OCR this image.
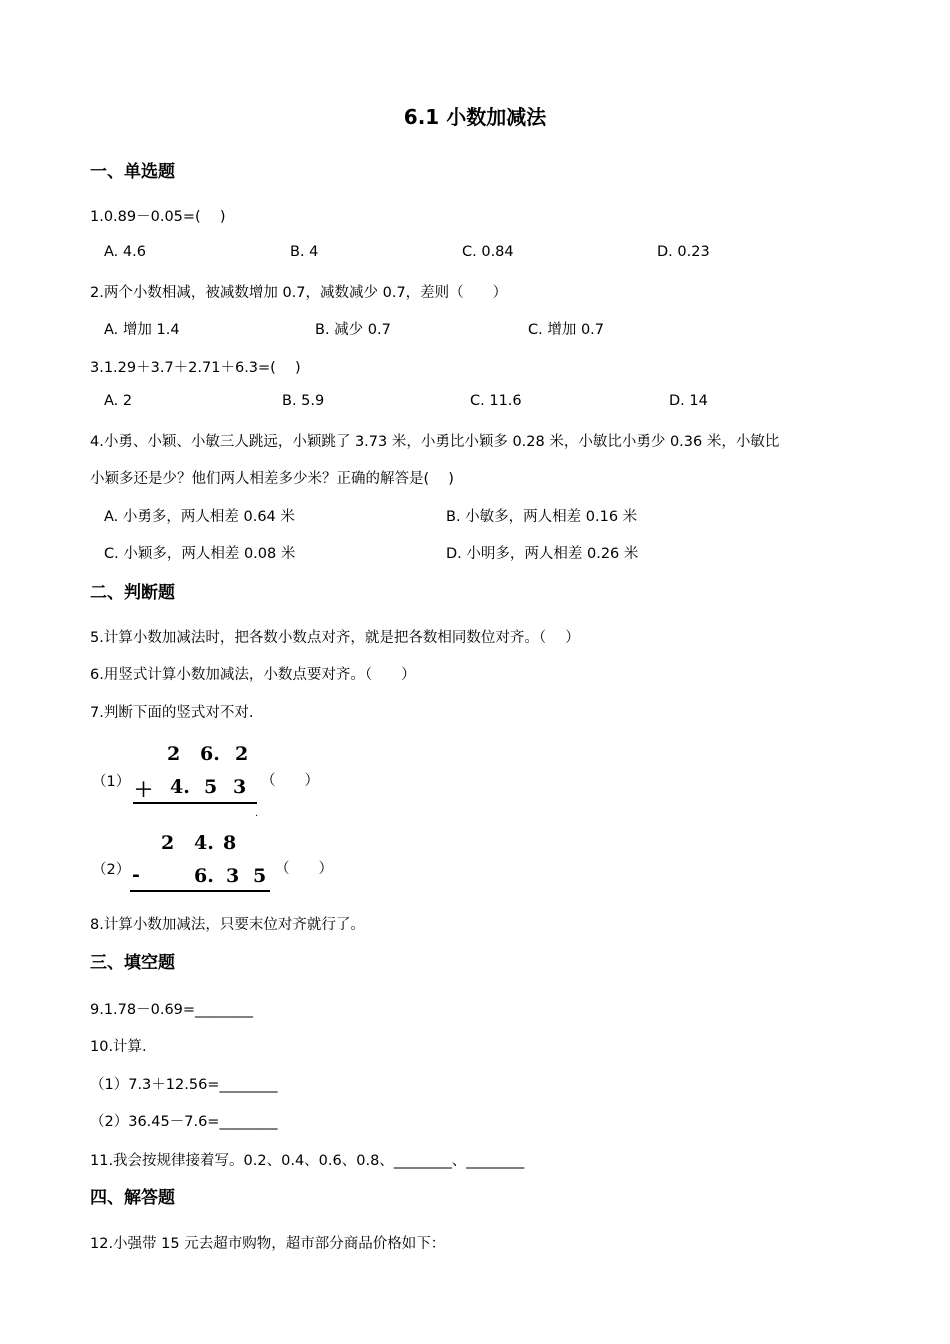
6.1 小数加减法
一、单选题
1.0.89－0.05=(　 )
A. 4.6	B. 4	C. 0.84	D. 0.23
2.两个小数相减，被减数增加 0.7，减数减少 0.7，差则（　　）
A. 增加 1.4	B. 减少 0.7	C. 增加 0.7
3.1.29＋3.7＋2.71＋6.3=(　 )
A. 2	B. 5.9	C. 11.6	D. 14
4.小勇、小颖、小敏三人跳远，小颖跳了 3.73 米，小勇比小颖多 0.28 米，小敏比小勇少 0.36 米，小敏比
小颖多还是少？他们两人相差多少米？正确的解答是(　 )
A. 小勇多，两人相差 0.64 米	B. 小敏多，两人相差 0.16 米
C. 小颖多，两人相差 0.08 米	D. 小明多，两人相差 0.26 米
二、判断题
5.计算小数加减法时，把各数小数点对齐，就是把各数相同数位对齐。（　 ）
6.用竖式计算小数加减法，小数点要对齐。（　　）
7.判断下面的竖式对不对.
（1）
2 6. 2
＋ 4. 5 3 （　　）
.
（2）
2 4. 8
-	6. 3 5 （　　）
8.计算小数加减法，只要末位对齐就行了。
三、填空题
9.1.78－0.69=________
10.计算.
（1）7.3＋12.56=________
（2）36.45－7.6=________
11.我会按规律接着写。0.2、0.4、0.6、0.8、________、________
四、解答题
12.小强带 15 元去超市购物，超市部分商品价格如下：
